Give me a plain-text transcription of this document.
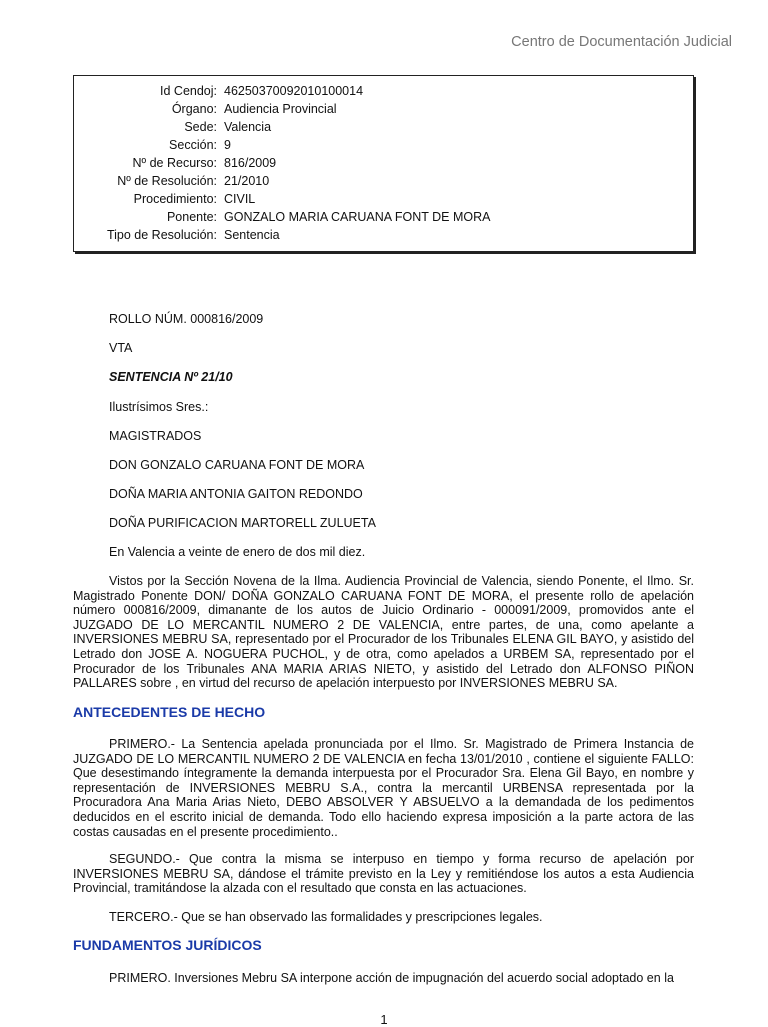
Centro de Documentación Judicial
Id Cendoj: 46250370092010100014
Órgano: Audiencia Provincial
Sede: Valencia
Sección: 9
Nº de Recurso: 816/2009
Nº de Resolución: 21/2010
Procedimiento: CIVIL
Ponente: GONZALO MARIA CARUANA FONT DE MORA
Tipo de Resolución: Sentencia

ROLLO NÚM. 000816/2009

VTA

SENTENCIA Nº 21/10

Ilustrísimos Sres.:

MAGISTRADOS

DON GONZALO CARUANA FONT DE MORA

DOÑA MARIA ANTONIA GAITON REDONDO

DOÑA PURIFICACION MARTORELL ZULUETA

En Valencia a veinte de enero de dos mil diez.

Vistos por la Sección Novena de la Ilma. Audiencia Provincial de Valencia, siendo Ponente, el Ilmo. Sr. Magistrado Ponente DON/ DOÑA GONZALO CARUANA FONT DE MORA, el presente rollo de apelación número 000816/2009, dimanante de los autos de Juicio Ordinario - 000091/2009, promovidos ante el JUZGADO DE LO MERCANTIL NUMERO 2 DE VALENCIA, entre partes, de una, como apelante a INVERSIONES MEBRU SA, representado por el Procurador de los Tribunales ELENA GIL BAYO, y asistido del Letrado don JOSE A. NOGUERA PUCHOL, y de otra, como apelados a URBEM SA, representado por el Procurador de los Tribunales ANA MARIA ARIAS NIETO, y asistido del Letrado don ALFONSO PIÑON PALLARES sobre , en virtud del recurso de apelación interpuesto por INVERSIONES MEBRU SA.

ANTECEDENTES DE HECHO

PRIMERO.- La Sentencia apelada pronunciada por el Ilmo. Sr. Magistrado de Primera Instancia de JUZGADO DE LO MERCANTIL NUMERO 2 DE VALENCIA en fecha 13/01/2010 , contiene el siguiente FALLO: Que desestimando íntegramente la demanda interpuesta por el Procurador Sra. Elena Gil Bayo, en nombre y representación de INVERSIONES MEBRU S.A., contra la mercantil URBENSA representada por la Procuradora Ana Maria Arias Nieto, DEBO ABSOLVER Y ABSUELVO a la demandada de los pedimentos deducidos en el escrito inicial de demanda. Todo ello haciendo expresa imposición a la parte actora de las costas causadas en el presente procedimiento..

SEGUNDO.- Que contra la misma se interpuso en tiempo y forma recurso de apelación por INVERSIONES MEBRU SA, dándose el trámite previsto en la Ley y remitiéndose los autos a esta Audiencia Provincial, tramitándose la alzada con el resultado que consta en las actuaciones.

TERCERO.- Que se han observado las formalidades y prescripciones legales.

FUNDAMENTOS JURÍDICOS

PRIMERO. Inversiones Mebru SA interpone acción de impugnación del acuerdo social adoptado en la

1
